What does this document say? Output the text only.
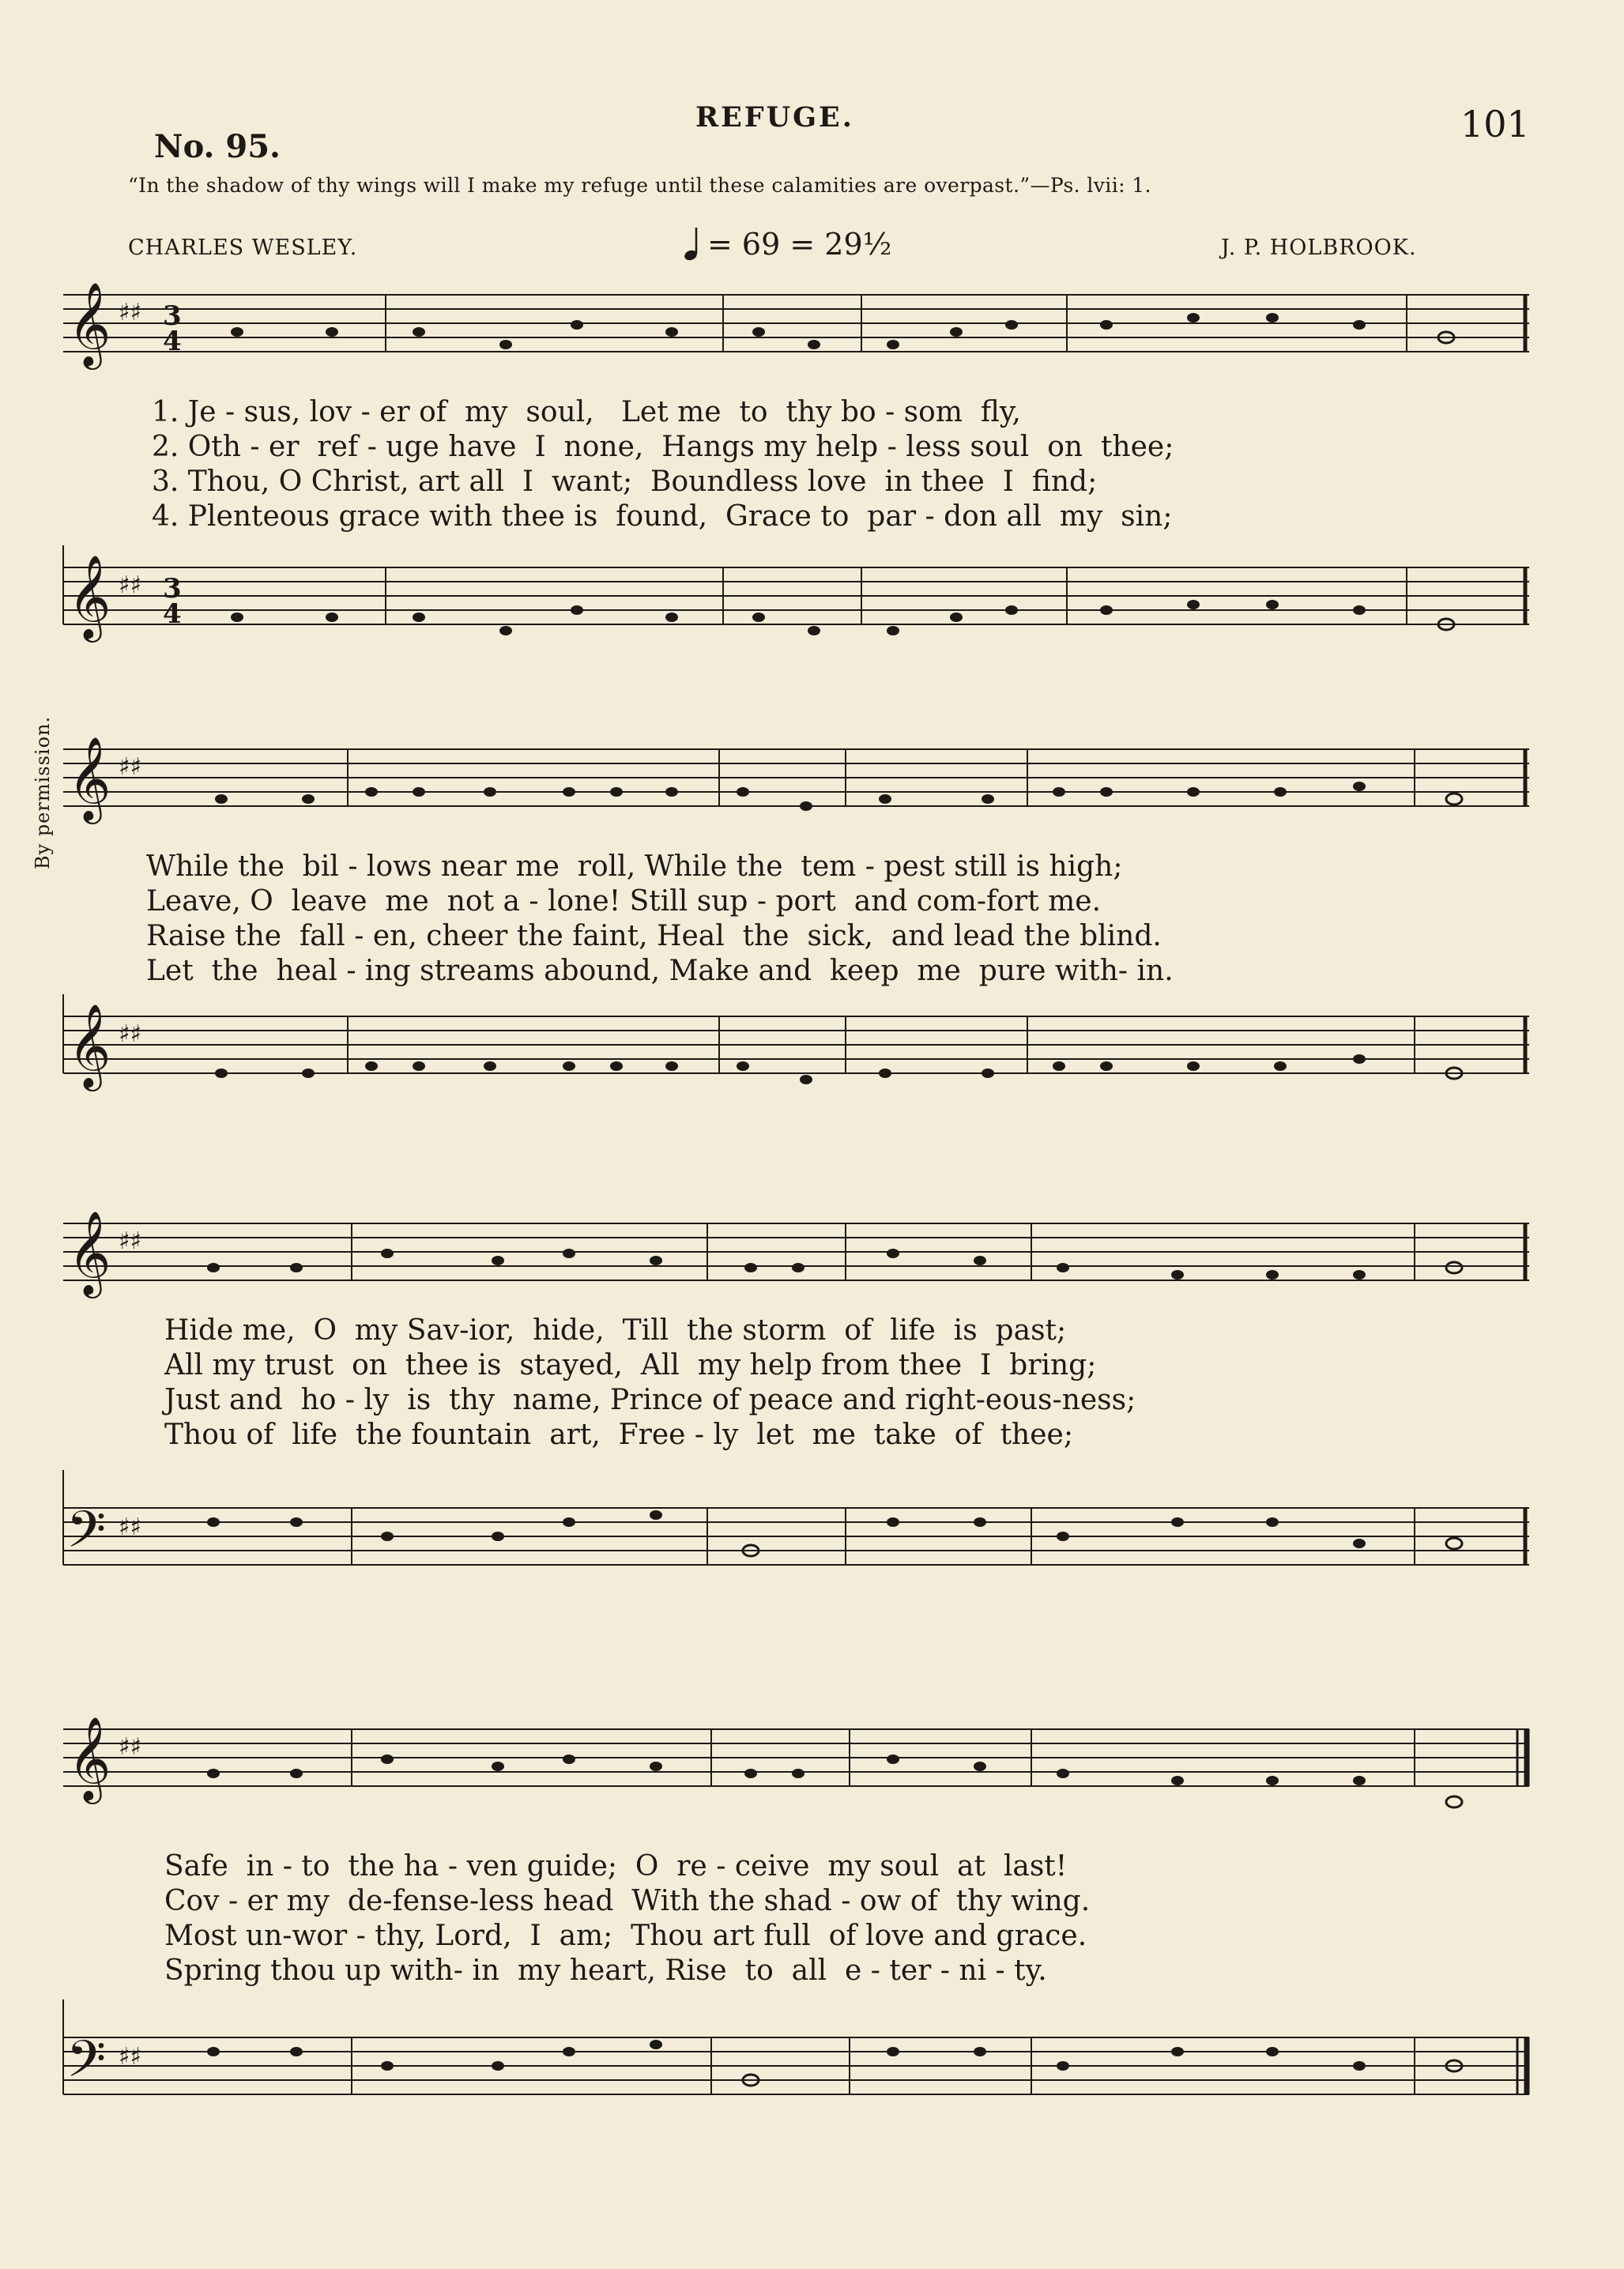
No. 95.
REFUGE.	101
“In the shadow of thy wings will I make my refuge until these calamities are overpast.”—Ps. lvii: 1.
CHARLES WESLEY.	= 69 = 29½	J. P. HOLBROOK.
By permission.
𝄞 ♯♯ 3
4
1. Je - sus, lov - er of  my  soul,   Let me  to  thy bo - som  fly,
2. Oth - er  ref - uge have  I  none,  Hangs my help - less soul  on  thee;
3. Thou, O Christ, art all  I  want;  Boundless love  in thee  I  find;
4. Plenteous grace with thee is  found,  Grace to  par - don all  my  sin;
𝄞 ♯♯ 3
4
𝄞 ♯♯
While the  bil - lows near me  roll, While the  tem - pest still is high;
Leave, O  leave  me  not a - lone! Still sup - port  and com-fort me.
Raise the  fall - en, cheer the faint, Heal  the  sick,  and lead the blind.
Let  the  heal - ing streams abound, Make and  keep  me  pure with- in.
𝄞 ♯♯
𝄞 ♯♯
Hide me,  O  my Sav-ior,  hide,  Till  the storm  of  life  is  past;
All my trust  on  thee is  stayed,  All  my help from thee  I  bring;
Just and  ho - ly  is  thy  name, Prince of peace and right-eous-ness;
Thou of  life  the fountain  art,  Free - ly  let  me  take  of  thee;
𝄢 ♯♯
𝄞 ♯♯
Safe  in - to  the ha - ven guide;  O  re - ceive  my soul  at  last!
Cov - er my  de-fense-less head  With the shad - ow of  thy wing.
Most un-wor - thy, Lord,  I  am;  Thou art full  of love and grace.
Spring thou up with- in  my heart, Rise  to  all  e - ter - ni - ty.
𝄢 ♯♯
